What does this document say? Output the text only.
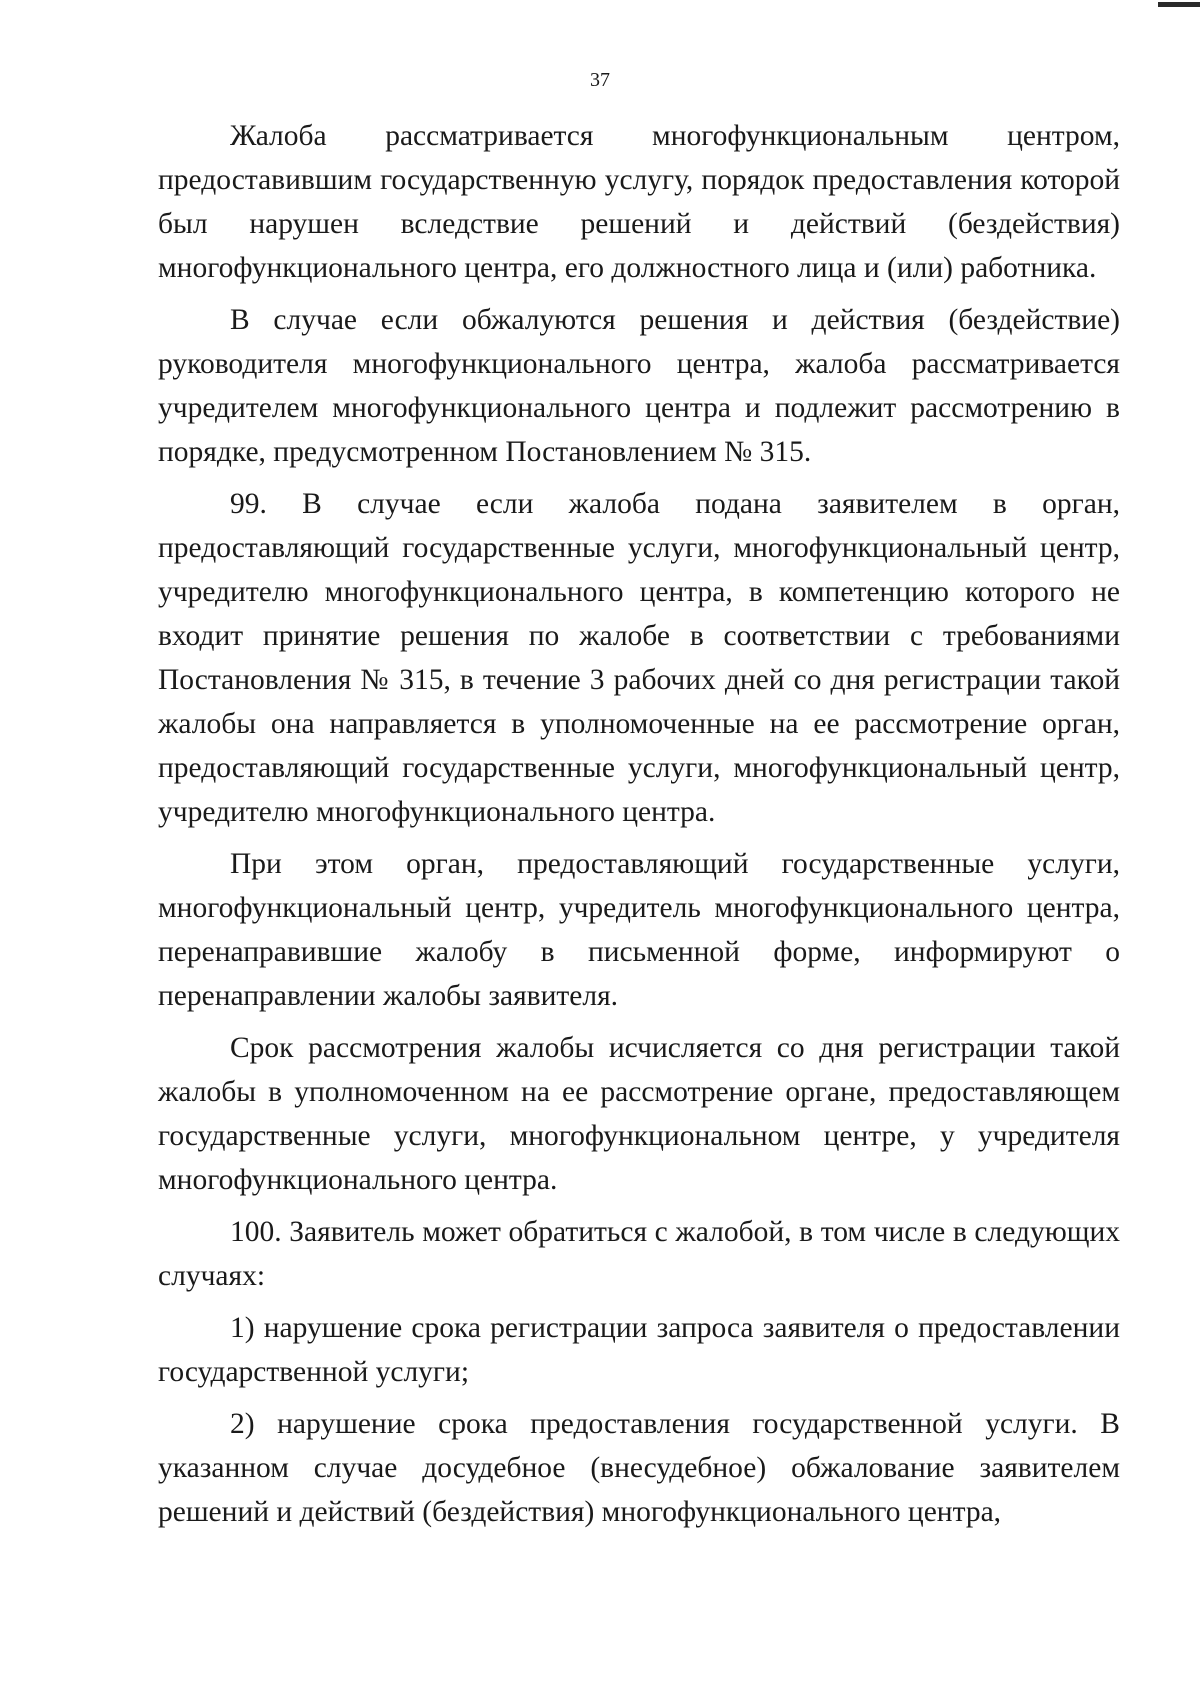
37

Жалоба рассматривается многофункциональным центром, предоставившим государственную услугу, порядок предоставления которой был нарушен вследствие решений и действий (бездействия) многофункционального центра, его должностного лица и (или) работника.

В случае если обжалуются решения и действия (бездействие) руководителя многофункционального центра, жалоба рассматривается учредителем многофункционального центра и подлежит рассмотрению в порядке, предусмотренном Постановлением № 315.

99. В случае если жалоба подана заявителем в орган, предоставляющий государственные услуги, многофункциональный центр, учредителю многофункционального центра, в компетенцию которого не входит принятие решения по жалобе в соответствии с требованиями Постановления № 315, в течение 3 рабочих дней со дня регистрации такой жалобы она направляется в уполномоченные на ее рассмотрение орган, предоставляющий государственные услуги, многофункциональный центр, учредителю многофункционального центра.

При этом орган, предоставляющий государственные услуги, многофункциональный центр, учредитель многофункционального центра, перенаправившие жалобу в письменной форме, информируют о перенаправлении жалобы заявителя.

Срок рассмотрения жалобы исчисляется со дня регистрации такой жалобы в уполномоченном на ее рассмотрение органе, предоставляющем государственные услуги, многофункциональном центре, у учредителя многофункционального центра.

100. Заявитель может обратиться с жалобой, в том числе в следующих случаях:

1) нарушение срока регистрации запроса заявителя о предоставлении государственной услуги;

2) нарушение срока предоставления государственной услуги. В указанном случае досудебное (внесудебное) обжалование заявителем решений и действий (бездействия) многофункционального центра,
